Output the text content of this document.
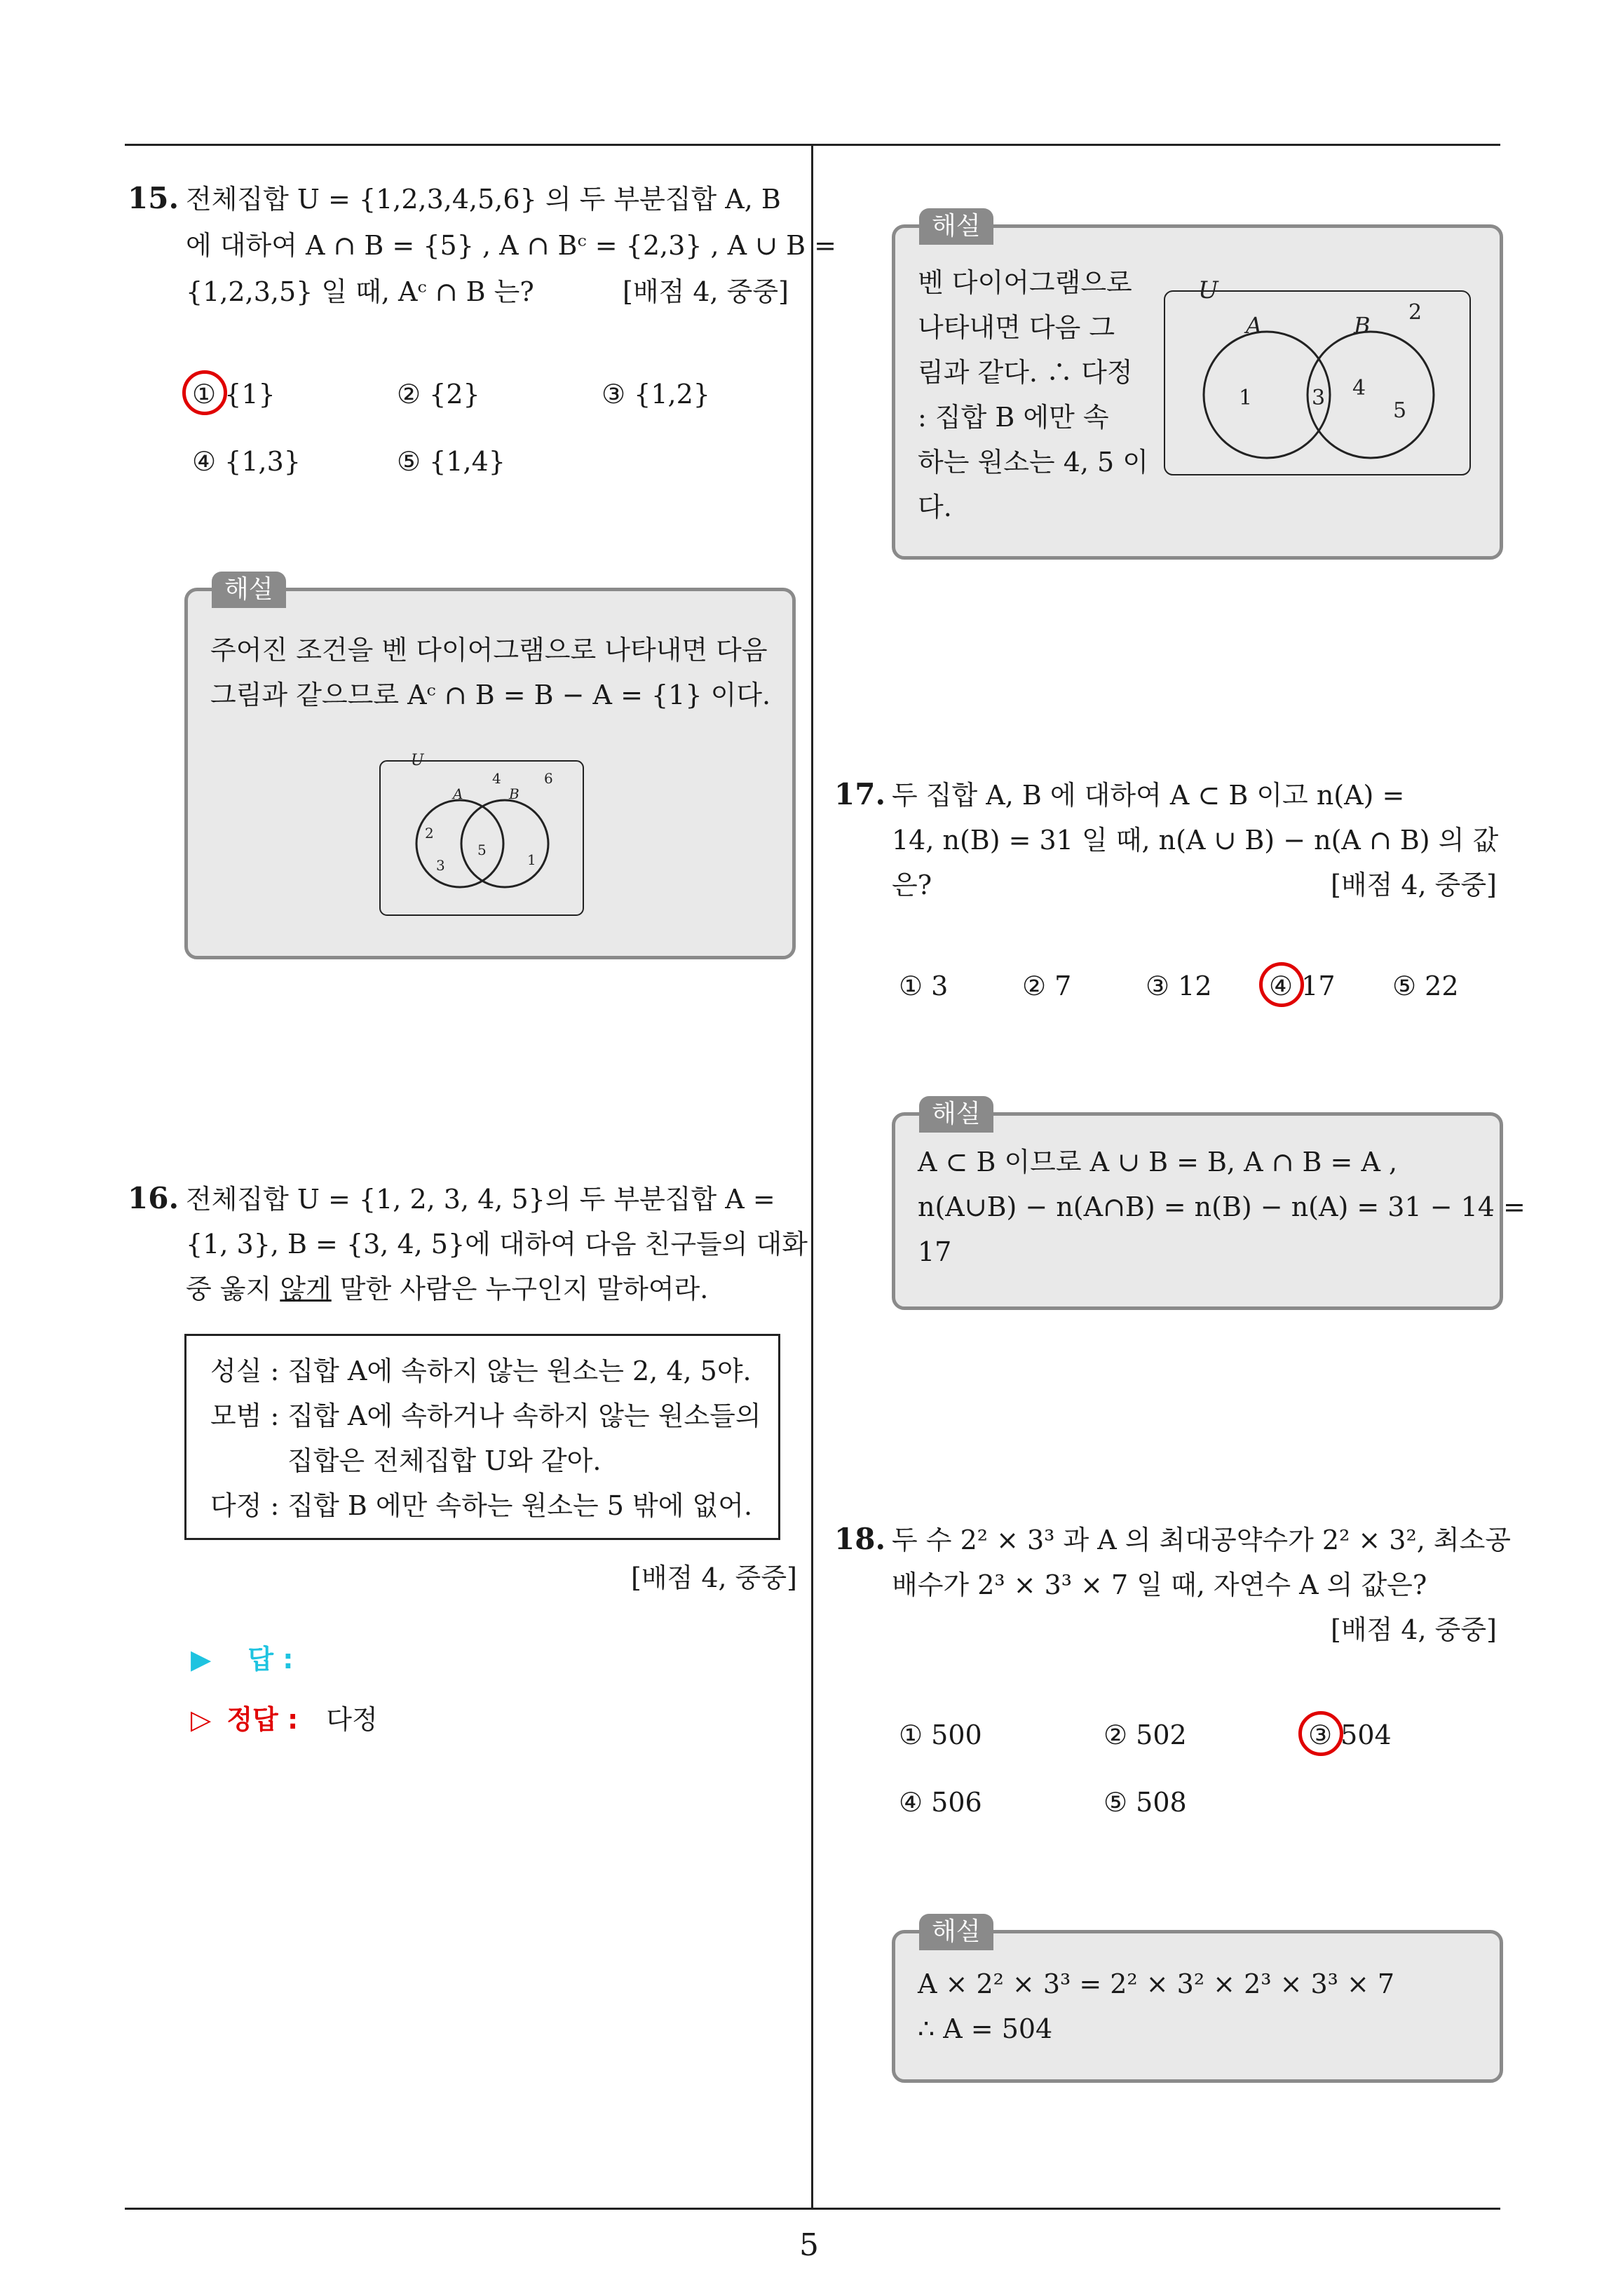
5
15. 전체집합 U = {1,2,3,4,5,6} 의 두 부분집합 A, B
에 대하여 A ∩ B = {5} , A ∩ Bᶜ = {2,3} , A ∪ B =
{1,2,3,5} 일 때, Aᶜ ∩ B 는?	[배점 4, 중중]
① {1}	② {2}	③ {1,2}
④ {1,3}	⑤ {1,4}
해설
주어진 조건을 벤 다이어그램으로 나타내면 다음
그림과 같으므로 Aᶜ ∩ B = B − A = {1} 이다.
U
A	B
4	6
2
3
5
1
16. 전체집합 U = {1, 2, 3, 4, 5}의 두 부분집합 A =
{1, 3}, B = {3, 4, 5}에 대하여 다음 친구들의 대화
중 옳지 않게 말한 사람은 누구인지 말하여라.
성실 : 집합 A에 속하지 않는 원소는 2, 4, 5야.
모범 : 집합 A에 속하거나 속하지 않는 원소들의
집합은 전체집합 U와 같아.
다정 : 집합 B 에만 속하는 원소는 5 밖에 없어.
[배점 4, 중중]
▶ 답 :
▷ 정답 : 다정
해설
벤 다이어그램으로
나타내면 다음 그
림과 같다. ∴ 다정
: 집합 B 에만 속
하는 원소는 4, 5 이
다.
U
A	B 2
1	3 4
5
17. 두 집합 A, B 에 대하여 A ⊂ B 이고 n(A) =
14, n(B) = 31 일 때, n(A ∪ B) − n(A ∩ B) 의 값
은?	[배점 4, 중중]
① 3	② 7	③ 12 ④ 17 ⑤ 22
해설
A ⊂ B 이므로 A ∪ B = B, A ∩ B = A ,
n(A∪B) − n(A∩B) = n(B) − n(A) = 31 − 14 =
17
18. 두 수 2² × 3³ 과 A 의 최대공약수가 2² × 3², 최소공
배수가 2³ × 3³ × 7 일 때, 자연수 A 의 값은?
[배점 4, 중중]
① 500	② 502	③ 504
④ 506	⑤ 508
해설
A × 2² × 3³ = 2² × 3² × 2³ × 3³ × 7
∴ A = 504
